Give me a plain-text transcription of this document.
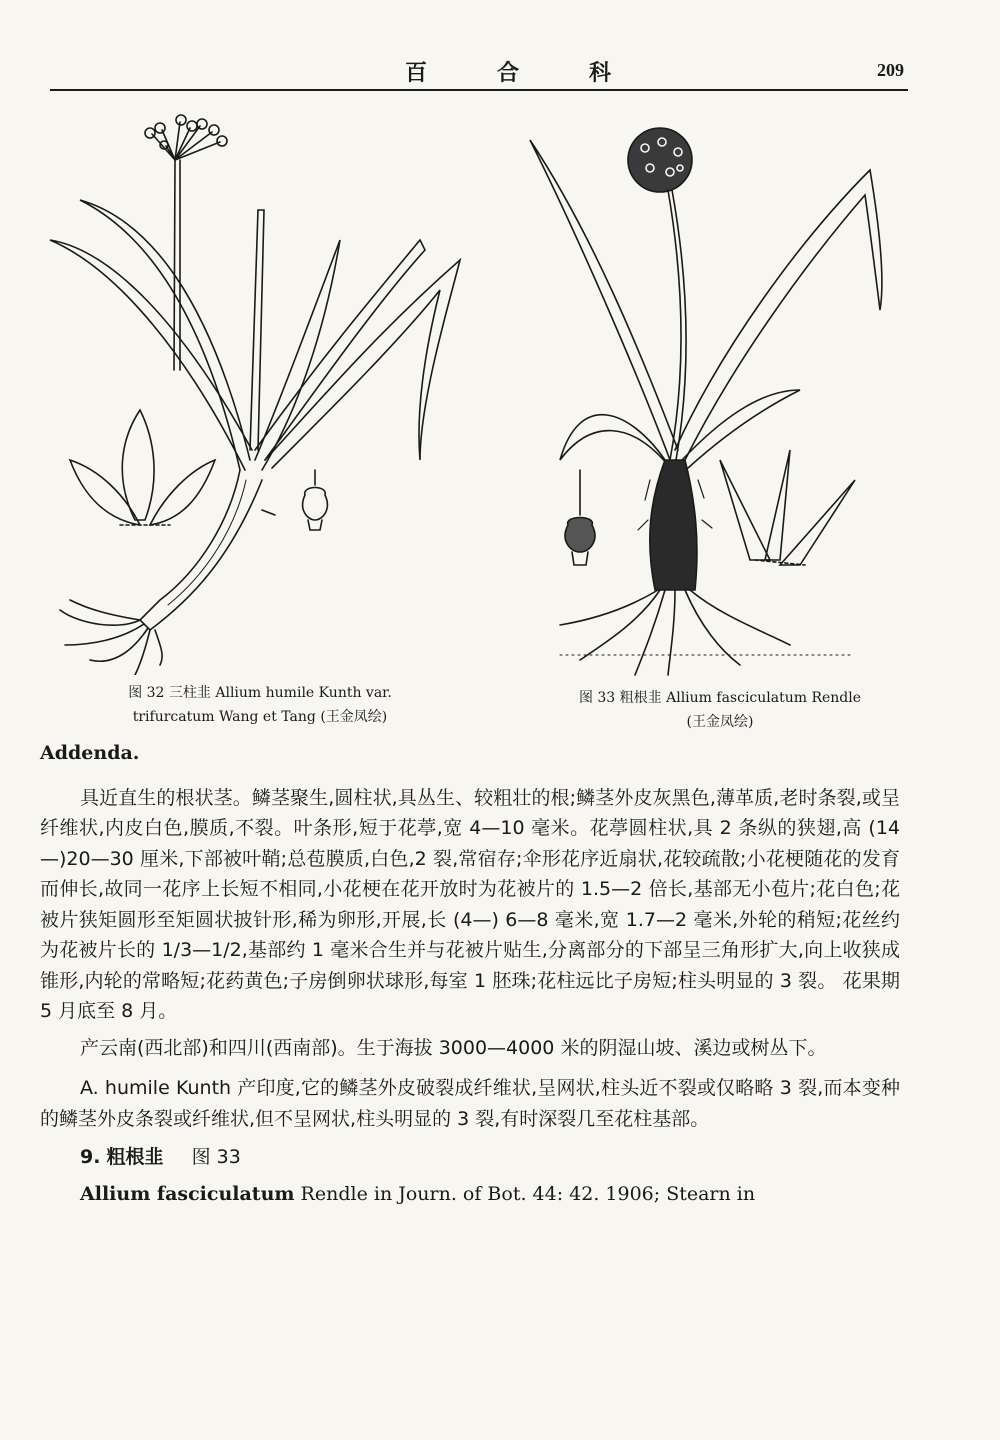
百合科	209
图 32 三柱韭 Allium humile Kunth var.
trifurcatum Wang et Tang (王金凤绘)
图 33 粗根韭 Allium fasciculatum Rendle
(王金凤绘)
Addenda.

具近直生的根状茎。鳞茎聚生,圆柱状,具丛生、较粗壮的根;鳞茎外皮灰黑色,薄革质,老时条裂,或呈纤维状,内皮白色,膜质,不裂。叶条形,短于花葶,宽 4—10 毫米。花葶圆柱状,具 2 条纵的狭翅,高 (14—)20—30 厘米,下部被叶鞘;总苞膜质,白色,2 裂,常宿存;伞形花序近扇状,花较疏散;小花梗随花的发育而伸长,故同一花序上长短不相同,小花梗在花开放时为花被片的 1.5—2 倍长,基部无小苞片;花白色;花被片狭矩圆形至矩圆状披针形,稀为卵形,开展,长 (4—) 6—8 毫米,宽 1.7—2 毫米,外轮的稍短;花丝约为花被片长的 1/3—1/2,基部约 1 毫米合生并与花被片贴生,分离部分的下部呈三角形扩大,向上收狭成锥形,内轮的常略短;花药黄色;子房倒卵状球形,每室 1 胚珠;花柱远比子房短;柱头明显的 3 裂。 花果期 5 月底至 8 月。

产云南(西北部)和四川(西南部)。生于海拔 3000—4000 米的阴湿山坡、溪边或树丛下。

A. humile Kunth 产印度,它的鳞茎外皮破裂成纤维状,呈网状,柱头近不裂或仅略略 3 裂,而本变种的鳞茎外皮条裂或纤维状,但不呈网状,柱头明显的 3 裂,有时深裂几至花柱基部。

9. 粗根韭 图 33

Allium fasciculatum Rendle in Journ. of Bot. 44: 42. 1906; Stearn in
